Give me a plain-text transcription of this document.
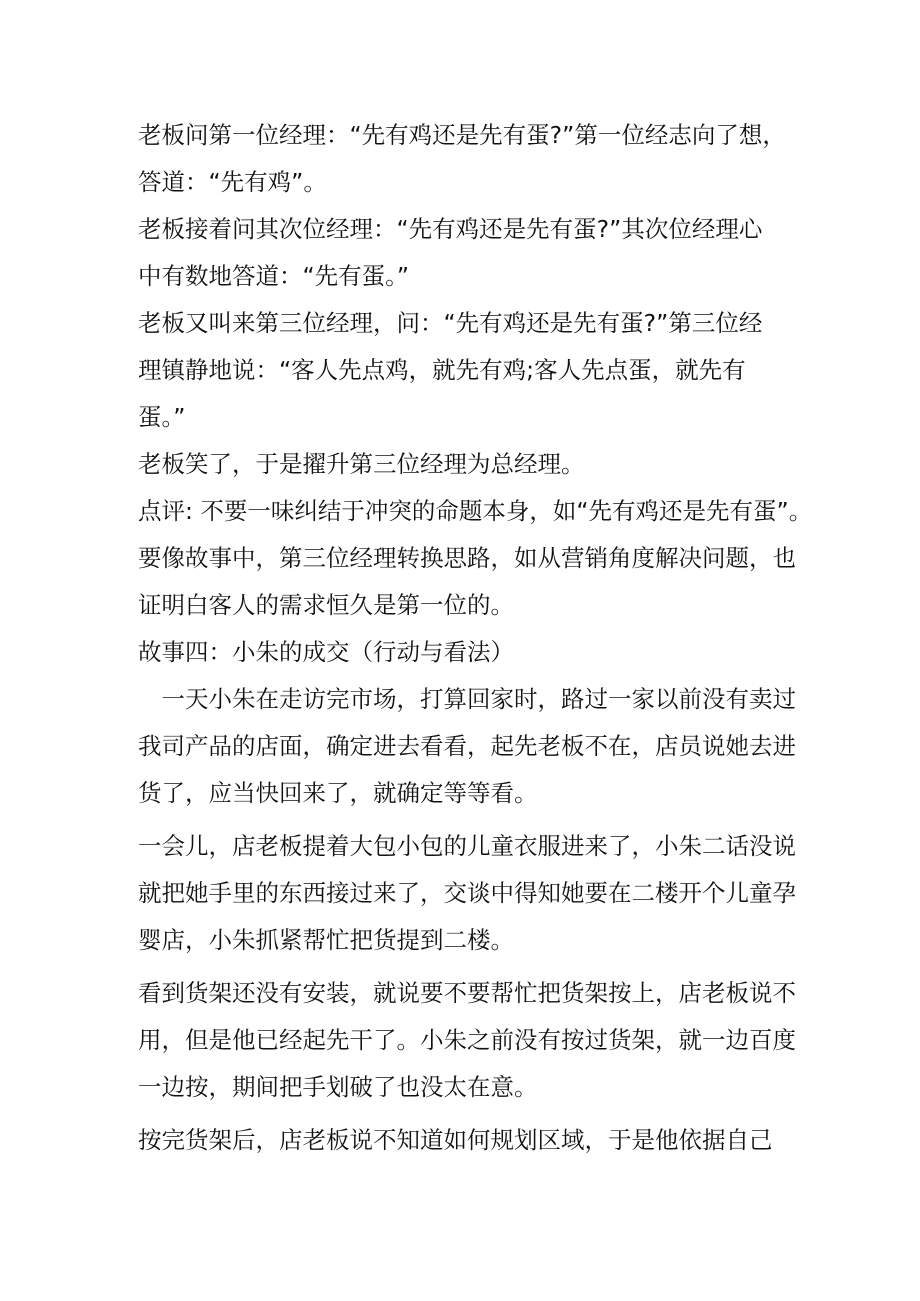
老板问第一位经理：“先有鸡还是先有蛋?”第一位经志向了想，
答道：“先有鸡”。
老板接着问其次位经理：“先有鸡还是先有蛋?”其次位经理心
中有数地答道：“先有蛋。”
老板又叫来第三位经理，问：“先有鸡还是先有蛋?”第三位经
理镇静地说：“客人先点鸡，就先有鸡;客人先点蛋，就先有
蛋。”
老板笑了，于是擢升第三位经理为总经理。
点评: 不要一味纠结于冲突的命题本身，如“先有鸡还是先有蛋”。
要像故事中，第三位经理转换思路，如从营销角度解决问题，也
证明白客人的需求恒久是第一位的。
故事四：小朱的成交（行动与看法）
　一天小朱在走访完市场，打算回家时，路过一家以前没有卖过
我司产品的店面，确定进去看看，起先老板不在，店员说她去进
货了，应当快回来了，就确定等等看。
一会儿，店老板提着大包小包的儿童衣服进来了，小朱二话没说
就把她手里的东西接过来了，交谈中得知她要在二楼开个儿童孕
婴店，小朱抓紧帮忙把货提到二楼。
看到货架还没有安装，就说要不要帮忙把货架按上，店老板说不
用，但是他已经起先干了。小朱之前没有按过货架，就一边百度
一边按，期间把手划破了也没太在意。
按完货架后，店老板说不知道如何规划区域，于是他依据自己
